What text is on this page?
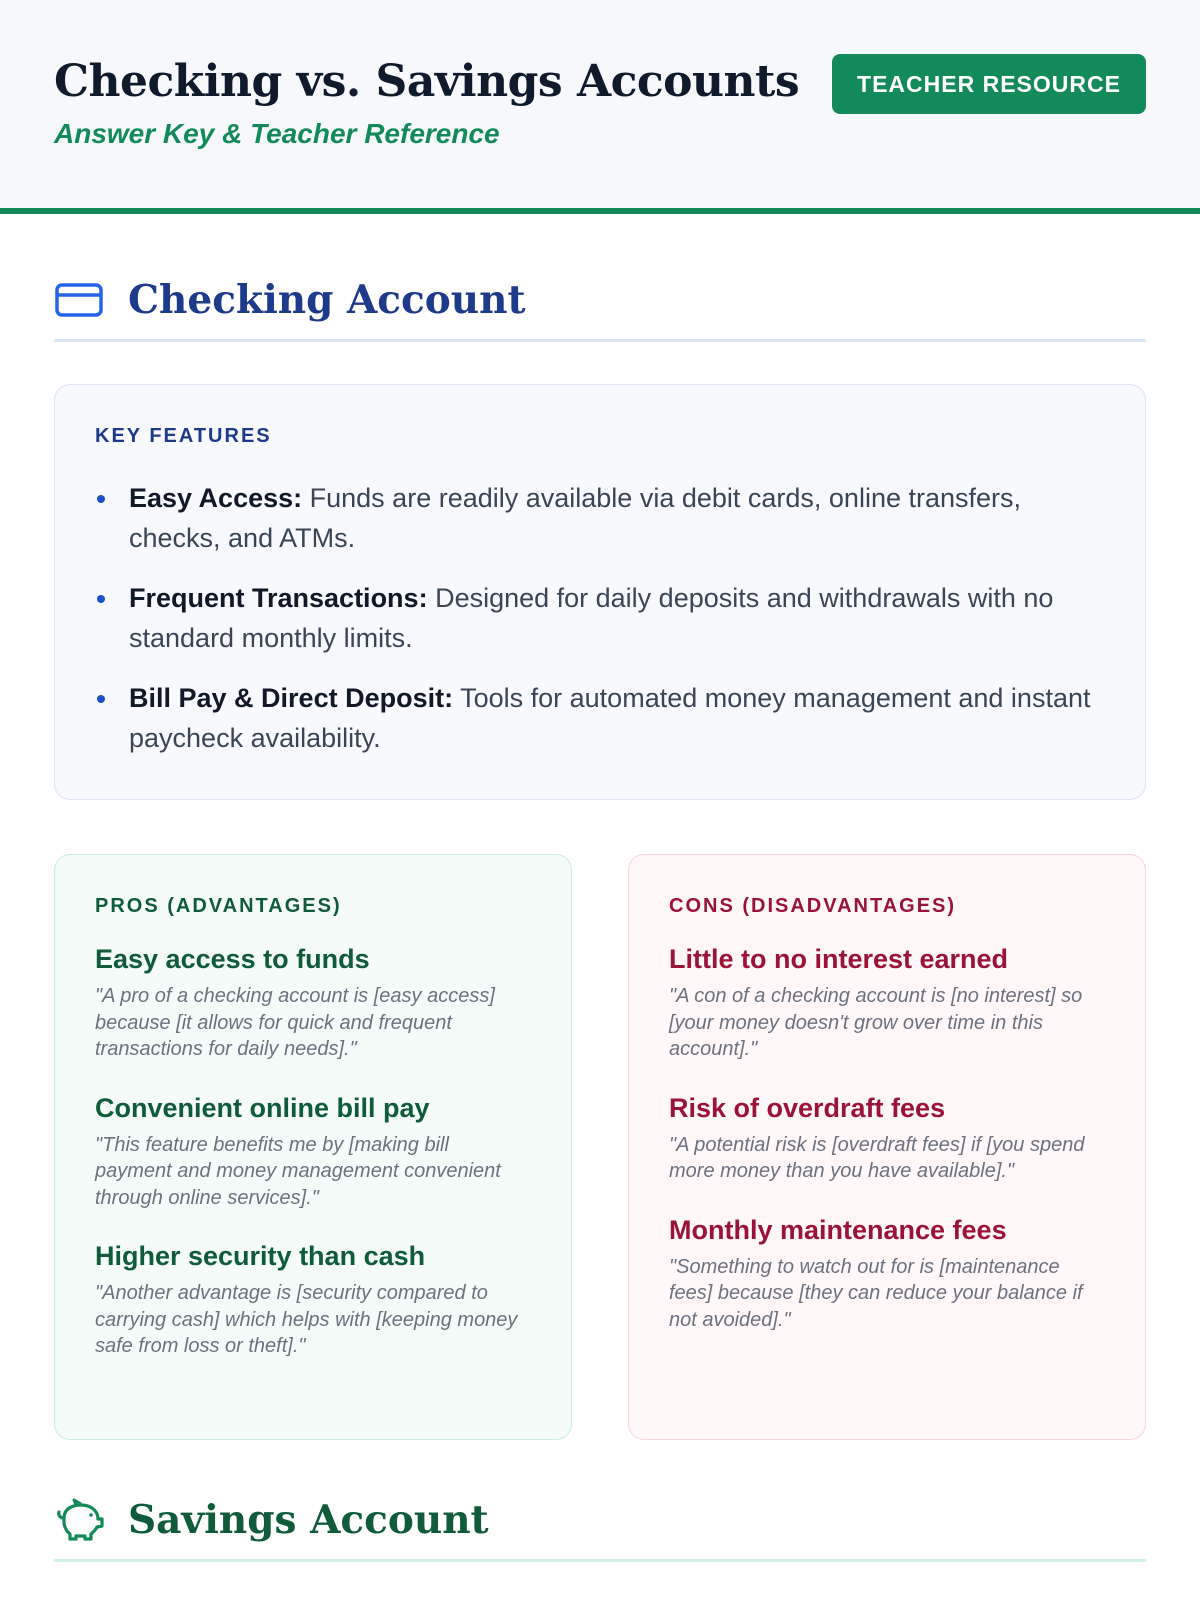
Checking vs. Savings Accounts
Answer Key & Teacher Reference
TEACHER RESOURCE
Checking Account
KEY FEATURES
Easy Access: Funds are readily available via debit cards, online transfers, checks, and ATMs.
Frequent Transactions: Designed for daily deposits and withdrawals with no standard monthly limits.
Bill Pay & Direct Deposit: Tools for automated money management and instant paycheck availability.
PROS (ADVANTAGES)
Easy access to funds
"A pro of a checking account is [easy access] because [it allows for quick and frequent transactions for daily needs]."
Convenient online bill pay
"This feature benefits me by [making bill payment and money management convenient through online services]."
Higher security than cash
"Another advantage is [security compared to carrying cash] which helps with [keeping money safe from loss or theft]."
CONS (DISADVANTAGES)
Little to no interest earned
"A con of a checking account is [no interest] so [your money doesn't grow over time in this account]."
Risk of overdraft fees
"A potential risk is [overdraft fees] if [you spend more money than you have available]."
Monthly maintenance fees
"Something to watch out for is [maintenance fees] because [they can reduce your balance if not avoided]."
Savings Account
